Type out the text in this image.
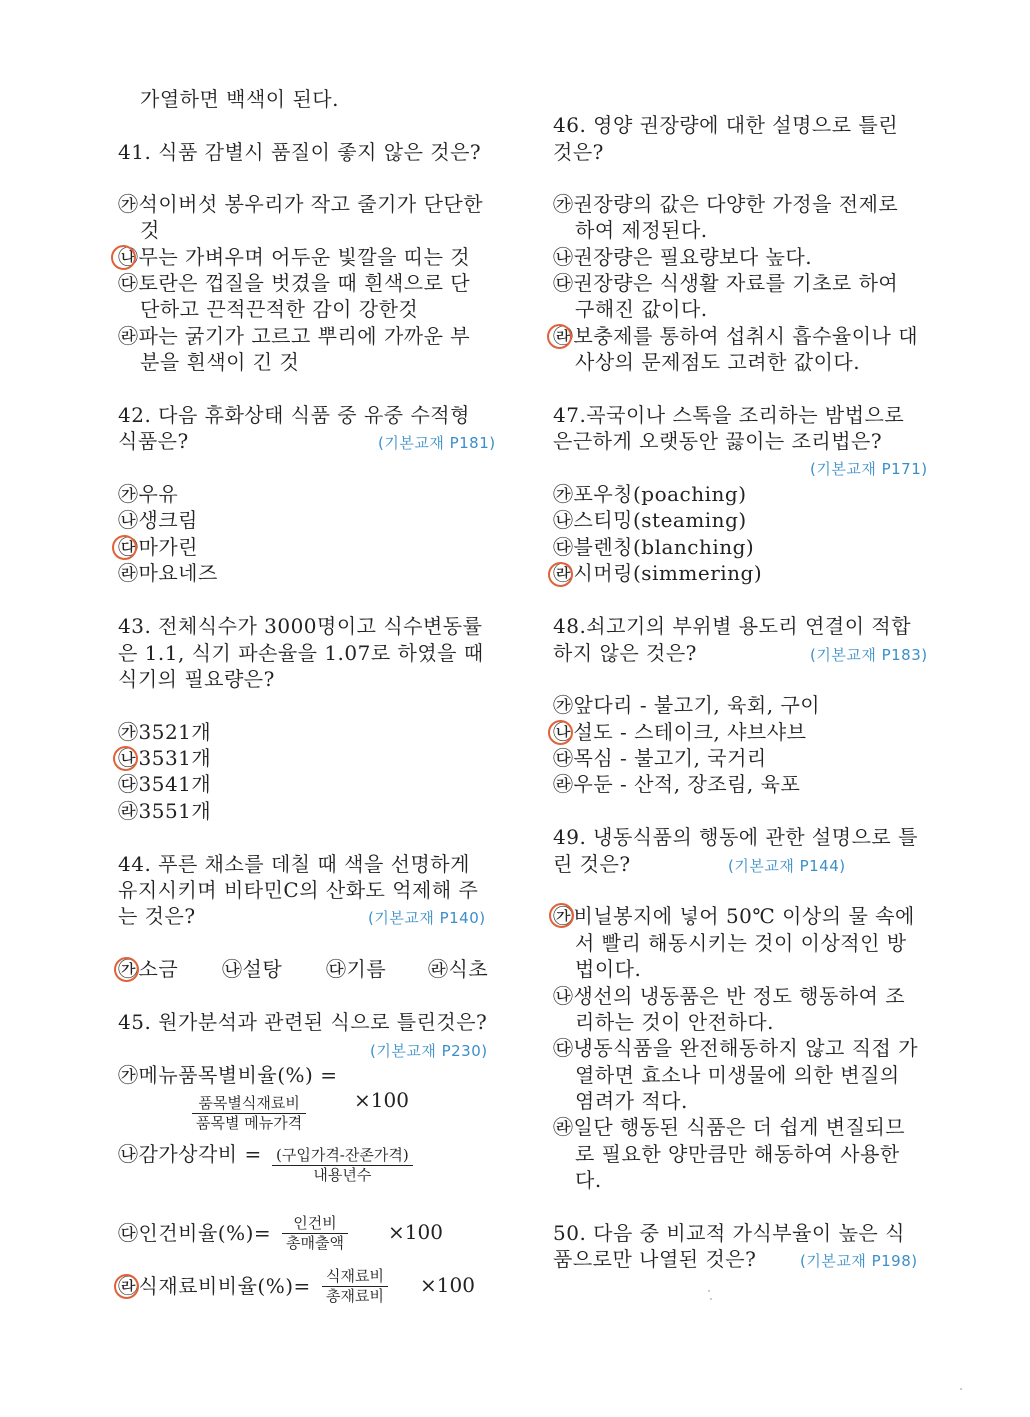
가열하면 백색이 된다.
41. 식품 감별시 품질이 좋지 않은 것은?
㉮석이버섯 봉우리가 작고 줄기가 단단한
것
㉯무는 가벼우며 어두운 빛깔을 띠는 것
㉰토란은 껍질을 벗겼을 때 흰색으로 단
단하고 끈적끈적한 감이 강한것
㉱파는 굵기가 고르고 뿌리에 가까운 부
분을 흰색이 긴 것
42. 다음 휴화상태 식품 중 유중 수적형
식품은?	(기본교재 P181)
㉮우유
㉯생크림
㉰마가린
㉱마요네즈
43. 전체식수가 3000명이고 식수변동률
은 1.1, 식기 파손율을 1.07로 하였을 때
식기의 필요량은?
㉮3521개
㉯3531개
㉰3541개
㉱3551개
44. 푸른 채소를 데칠 때 색을 선명하게
유지시키며 비타민C의 산화도 억제해 주
는 것은?	(기본교재 P140)
㉮소금 ㉯설탕 ㉰기름 ㉱식초
45. 원가분석과 관련된 식으로 틀린것은?
(기본교재 P230)
㉮메뉴품목별비율(%) =
품목별식재료비
품목별 메뉴가격
×100
㉯감가상각비 = (구입가격-잔존가격)
내용년수
㉰인건비율(%)=	인건비
총매출액 ×100
㉱식재료비비율(%)= 식재료비
총재료비 ×100
46. 영양 권장량에 대한 설명으로 틀린
것은?
㉮권장량의 값은 다양한 가정을 전제로
하여 제정된다.
㉯권장량은 필요량보다 높다.
㉰권장량은 식생활 자료를 기초로 하여
구해진 값이다.
㉱보충제를 통하여 섭취시 흡수율이나 대
사상의 문제점도 고려한 값이다.
47.곡국이나 스톡을 조리하는 밤법으로
은근하게 오랫동안 끓이는 조리법은?
(기본교재 P171)
㉮포우칭(poaching)
㉯스티밍(steaming)
㉰블렌칭(blanching)
㉱시머링(simmering)
48.쇠고기의 부위별 용도리 연결이 적합
하지 않은 것은?	(기본교재 P183)
㉮앞다리 - 불고기, 육회, 구이
㉯설도 - 스테이크, 샤브샤브
㉰목심 - 불고기, 국거리
㉱우둔 - 산적, 장조림, 육포
49. 냉동식품의 행동에 관한 설명으로 틀
린 것은?	(기본교재 P144)
㉮비닐봉지에 넣어 50℃ 이상의 물 속에
서 빨리 해동시키는 것이 이상적인 방
법이다.
㉯생선의 냉동품은 반 정도 행동하여 조
리하는 것이 안전하다.
㉰냉동식품을 완전해동하지 않고 직접 가
열하면 효소나 미생물에 의한 변질의
염려가 적다.
㉱일단 행동된 식품은 더 쉽게 변질되므
로 필요한 양만큼만 해동하여 사용한
다.
50. 다음 중 비교적 가식부율이 높은 식
품으로만 나열된 것은?	(기본교재 P198)
